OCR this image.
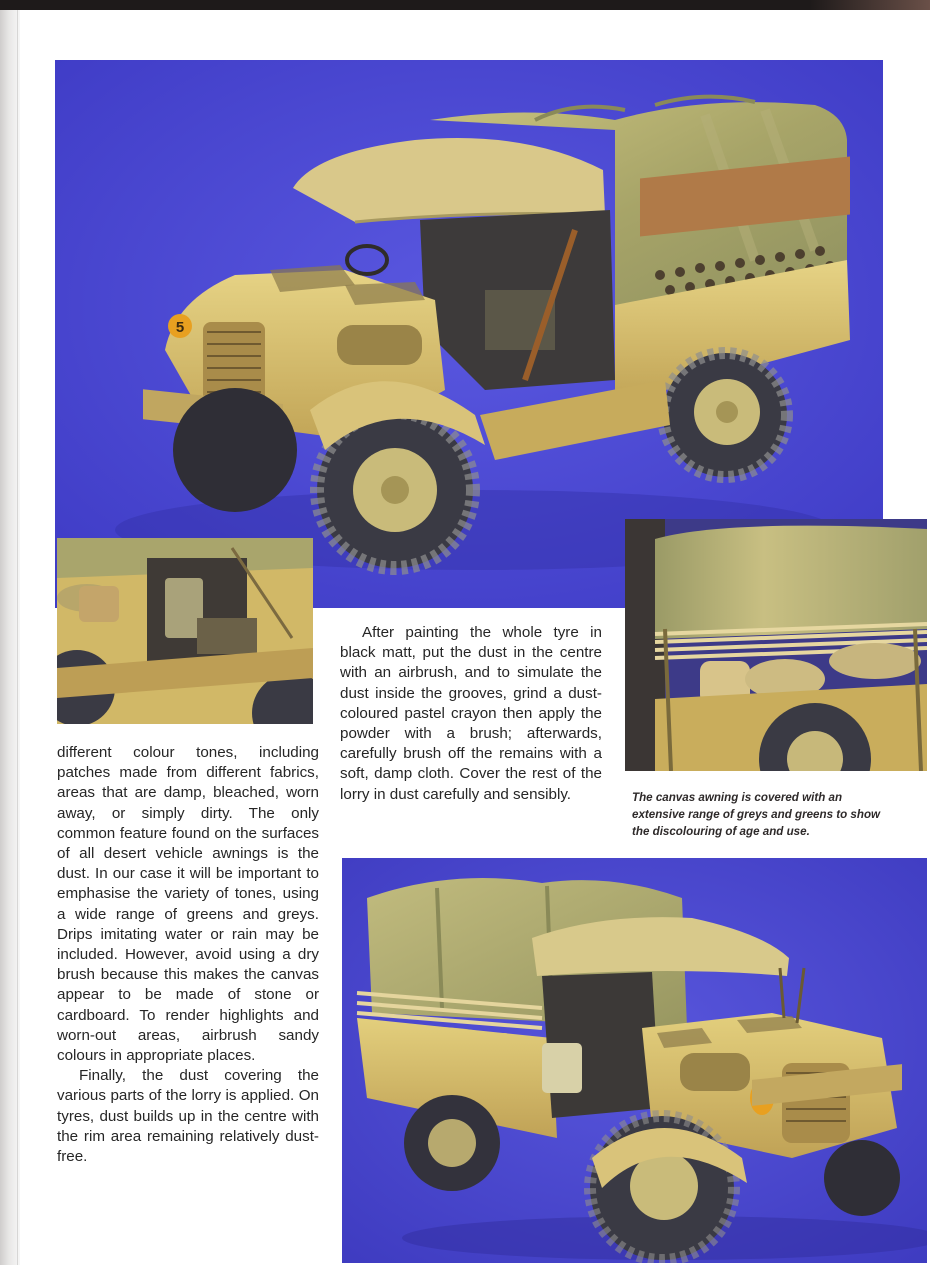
5

After painting the whole tyre in black matt, put the dust in the centre with an airbrush, and to simulate the dust inside the grooves, grind a dust-coloured pastel crayon then apply the powder with a brush; afterwards, carefully brush off the remains with a soft, damp cloth. Cover the rest of the lorry in dust carefully and sensibly.

different colour tones, including patches made from different fabrics, areas that are damp, bleached, worn away, or simply dirty. The only common feature found on the surfaces of all desert vehicle awnings is the dust. In our case it will be important to emphasise the variety of tones, using a wide range of greens and greys. Drips imitating water or rain may be included. However, avoid using a dry brush because this makes the canvas appear to be made of stone or cardboard. To render highlights and worn-out areas, airbrush sandy colours in appropriate places.

Finally, the dust covering the various parts of the lorry is applied. On tyres, dust builds up in the centre with the rim area remaining relatively dust-free.

The canvas awning is covered with an extensive range of greys and greens to show the discolouring of age and use.
